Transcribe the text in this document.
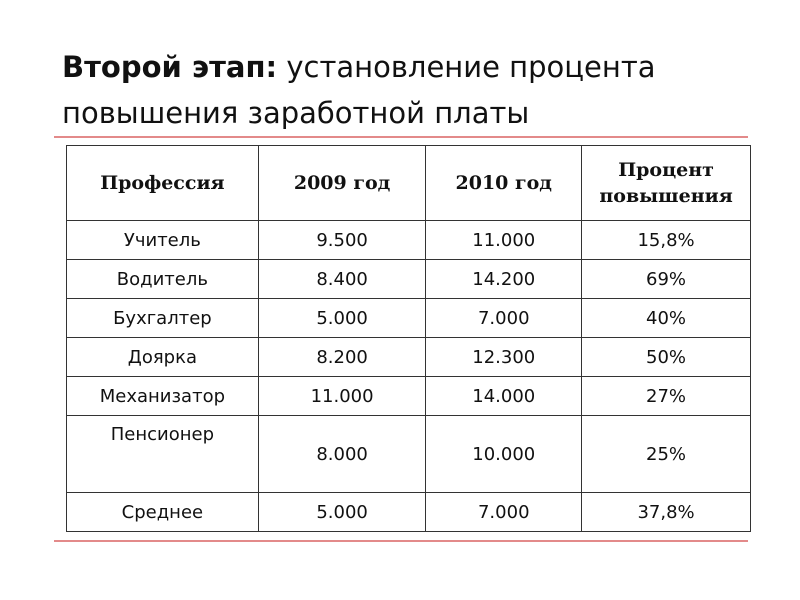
Второй этап: установление процента повышения заработной платы
Профессия	2009 год	2010 год	Процент повышения
Учитель	9.500	11.000	15,8%
Водитель	8.400	14.200	69%
Бухгалтер	5.000	7.000	40%
Доярка	8.200	12.300	50%
Механизатор	11.000	14.000	27%
Пенсионер	8.000	10.000	25%
Среднее	5.000	7.000	37,8%
